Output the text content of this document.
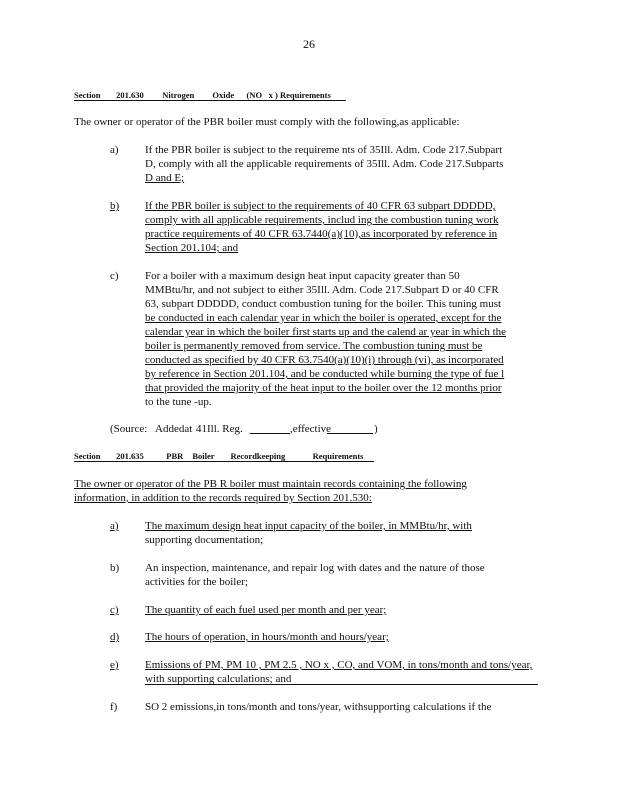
26
Section 201.630 Nitrogen Oxide (NO x ) Requirements
The owner or operator of the PBR boiler must comply with the following,as applicable:
a) If the PBR boiler is subject to the requireme nts of 35Ill. Adm. Code 217.Subpart
D, comply with all the applicable requirements of 35Ill. Adm. Code 217.Subparts
D and E;
b) If the PBR boiler is subject to the requirements of 40 CFR 63 subpart DDDDD,
comply with all applicable requirements, includ ing the combustion tuning work
practice requirements of 40 CFR 63.7440(a)(10),as incorporated by reference in
Section 201.104; and
c) For a boiler with a maximum design heat input capacity greater than 50
MMBtu/hr, and not subject to either 35Ill. Adm. Code 217.Subpart D or 40 CFR
63, subpart DDDDD, conduct combustion tuning for the boiler. This tuning must
be conducted in each calendar year in which the boiler is operated, except for the
calendar year in which the boiler first starts up and the calend ar year in which the
boiler is permanently removed from service. The combustion tuning must be
conducted as specified by 40 CFR 63.7540(a)(10)(i) through (vi), as incorporated
by reference in Section 201.104, and be conducted while burning the type of fue l
that provided the majority of the heat input to the boiler over the 12 months prior
to the tune -up.
(Source: Addedat 41Ill. Reg.	,effective	)
Section 201.635	PBR Boiler Recordkeeping	Requirements
The owner or operator of the PB R boiler must maintain records containing the following
information, in addition to the records required by Section 201.530:
a) The maximum design heat input capacity of the boiler, in MMBtu/hr, with
supporting documentation;
b) An inspection, maintenance, and repair log with dates and the nature of those
activities for the boiler;
c) The quantity of each fuel used per month and per year;
d) The hours of operation, in hours/month and hours/year;
e) Emissions of PM, PM 10 , PM 2.5 , NO x , CO, and VOM, in tons/month and tons/year,
with supporting calculations; and
f)	SO 2 emissions,in tons/month and tons/year, withsupporting calculations if the
